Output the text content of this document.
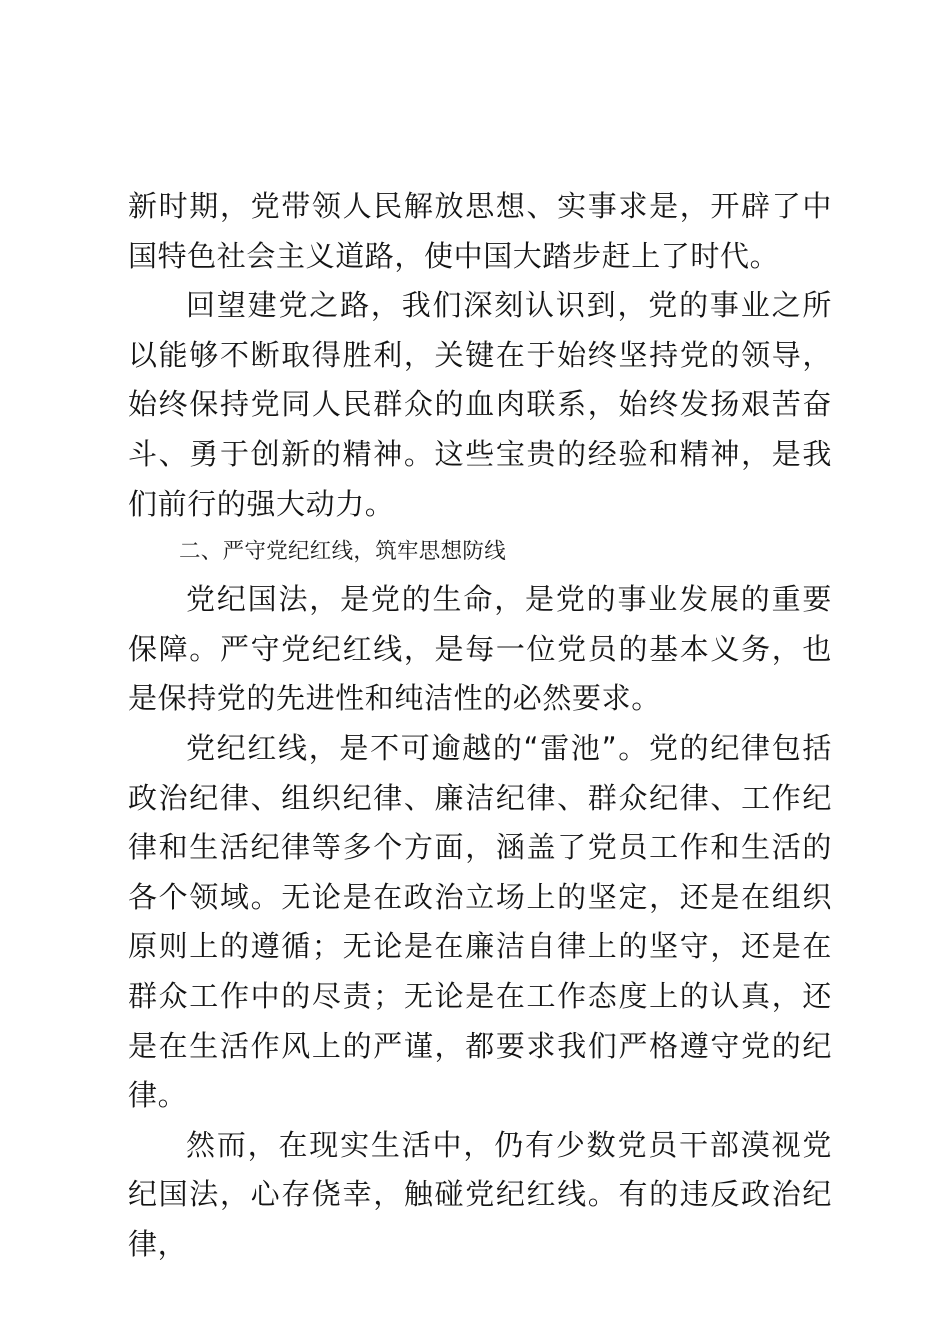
新时期，党带领人民解放思想、实事求是，开辟了中国特色社会主义道路，使中国大踏步赶上了时代。

回望建党之路，我们深刻认识到，党的事业之所以能够不断取得胜利，关键在于始终坚持党的领导，始终保持党同人民群众的血肉联系，始终发扬艰苦奋斗、勇于创新的精神。这些宝贵的经验和精神，是我们前行的强大动力。

二、严守党纪红线，筑牢思想防线

党纪国法，是党的生命，是党的事业发展的重要保障。严守党纪红线，是每一位党员的基本义务，也是保持党的先进性和纯洁性的必然要求。

党纪红线，是不可逾越的“雷池”。党的纪律包括政治纪律、组织纪律、廉洁纪律、群众纪律、工作纪律和生活纪律等多个方面，涵盖了党员工作和生活的各个领域。无论是在政治立场上的坚定，还是在组织原则上的遵循；无论是在廉洁自律上的坚守，还是在群众工作中的尽责；无论是在工作态度上的认真，还是在生活作风上的严谨，都要求我们严格遵守党的纪律。

然而，在现实生活中，仍有少数党员干部漠视党纪国法，心存侥幸，触碰党纪红线。有的违反政治纪律，
